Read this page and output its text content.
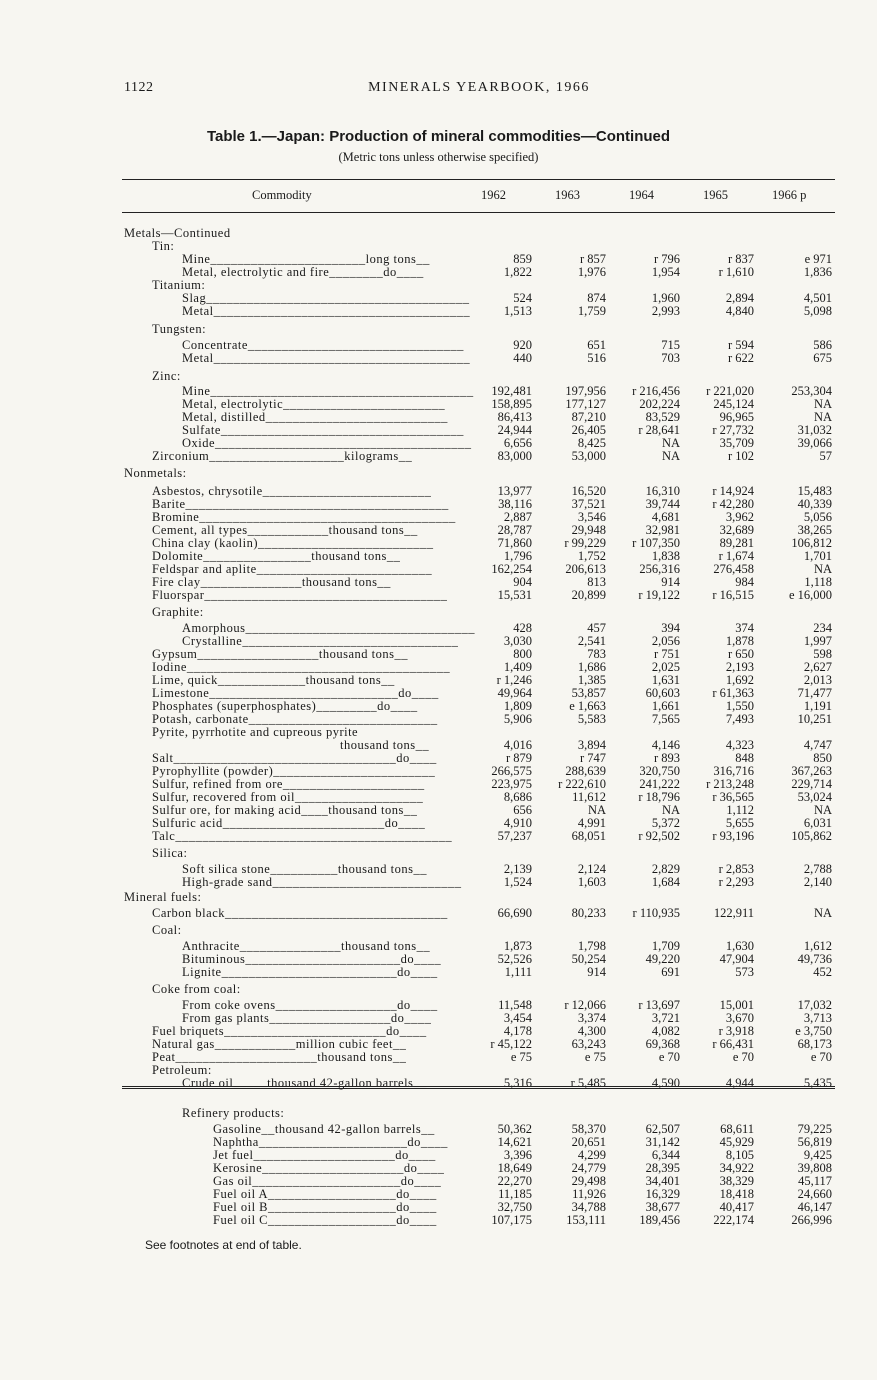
1122	MINERALS YEARBOOK, 1966
Table 1.—Japan: Production of mineral commodities—Continued
(Metric tons unless otherwise specified)
Commodity	1962	1963	1964	1965	1966 p
Metals—Continued
Tin:
Mine_______________________long tons__	859	r 857	r 796	r 837	e 971
Metal, electrolytic and fire________do____	1,822	1,976	1,954	r 1,610	1,836
Titanium:
Slag_______________________________________	524	874	1,960	2,894	4,501
Metal______________________________________	1,513	1,759	2,993	4,840	5,098
Tungsten:
Concentrate________________________________	920	651	715	r 594	586
Metal______________________________________	440	516	703	r 622	675
Zinc:
Mine_______________________________________ 192,481	197,956 r 216,456 r 221,020	253,304
Metal, electrolytic________________________	158,895	177,127	202,224	245,124	NA
Metal, distilled___________________________	86,413	87,210	83,529	96,965	NA
Sulfate____________________________________	24,944	26,405	r 28,641	r 27,732	31,032
Oxide______________________________________	6,656	8,425	NA	35,709	39,066
Zirconium____________________kilograms__	83,000	53,000	NA	r 102	57
Nonmetals:
Asbestos, chrysotile_________________________	13,977	16,520	16,310	r 14,924	15,483
Barite_______________________________________	38,116	37,521	39,744	r 42,280	40,339
Bromine______________________________________	2,887	3,546	4,681	3,962	5,056
Cement, all types____________thousand tons__	28,787	29,948	32,981	32,689	38,265
China clay (kaolin)__________________________	71,860	r 99,229 r 107,350	89,281	106,812
Dolomite________________thousand tons__	1,796	1,752	1,838	r 1,674	1,701
Feldspar and aplite__________________________	162,254	206,613	256,316	276,458	NA
Fire clay_______________thousand tons__	904	813	914	984	1,118
Fluorspar____________________________________	15,531	20,899	r 19,122	r 16,515	e 16,000
Graphite:
Amorphous__________________________________	428	457	394	374	234
Crystalline________________________________	3,030	2,541	2,056	1,878	1,997
Gypsum__________________thousand tons__	800	783	r 751	r 650	598
Iodine_______________________________________	1,409	1,686	2,025	2,193	2,627
Lime, quick_____________thousand tons__	r 1,246	1,385	1,631	1,692	2,013
Limestone____________________________do____	49,964	53,857	60,603	r 61,363	71,477
Phosphates (superphosphates)_________do____	1,809	e 1,663	1,661	1,550	1,191
Potash, carbonate____________________________	5,906	5,583	7,565	7,493	10,251
Pyrite, pyrrhotite and cupreous pyrite
thousand tons__	4,016	3,894	4,146	4,323	4,747
Salt_________________________________do____	r 879	r 747	r 893	848	850
Pyrophyllite (powder)________________________	266,575	288,639	320,750	316,716	367,263
Sulfur, refined from ore_____________________	223,975 r 222,610	241,222 r 213,248	229,714
Sulfur, recovered from oil___________________	8,686	11,612	r 18,796	r 36,565	53,024
Sulfur ore, for making acid____thousand tons__	656	NA	NA	1,112	NA
Sulfuric acid________________________do____	4,910	4,991	5,372	5,655	6,031
Talc_________________________________________	57,237	68,051	r 92,502	r 93,196	105,862
Silica:
Soft silica stone__________thousand tons__	2,139	2,124	2,829	r 2,853	2,788
High-grade sand____________________________	1,524	1,603	1,684	r 2,293	2,140
Mineral fuels:
Carbon black_________________________________	66,690	80,233 r 110,935	122,911	NA
Coal:
Anthracite_______________thousand tons__	1,873	1,798	1,709	1,630	1,612
Bituminous_______________________do____	52,526	50,254	49,220	47,904	49,736
Lignite__________________________do____	1,111	914	691	573	452
Coke from coal:
From coke ovens__________________do____	11,548	r 12,066	r 13,697	15,001	17,032
From gas plants__________________do____	3,454	3,374	3,721	3,670	3,713
Fuel briquets________________________do____	4,178	4,300	4,082	r 3,918	e 3,750
Natural gas____________million cubic feet__	r 45,122	63,243	69,368	r 66,431	68,173
Peat_____________________thousand tons__	e 75	e 75	e 70	e 70	e 70
Petroleum:
Crude oil_____thousand 42-gallon barrels__	5,316	r 5,485	4,590	4,944	5,435
Refinery products:
Gasoline__thousand 42-gallon barrels__	50,362	58,370	62,507	68,611	79,225
Naphtha______________________do____	14,621	20,651	31,142	45,929	56,819
Jet fuel_____________________do____	3,396	4,299	6,344	8,105	9,425
Kerosine_____________________do____	18,649	24,779	28,395	34,922	39,808
Gas oil______________________do____	22,270	29,498	34,401	38,329	45,117
Fuel oil A___________________do____	11,185	11,926	16,329	18,418	24,660
Fuel oil B___________________do____	32,750	34,788	38,677	40,417	46,147
Fuel oil C___________________do____	107,175	153,111	189,456	222,174	266,996
See footnotes at end of table.
